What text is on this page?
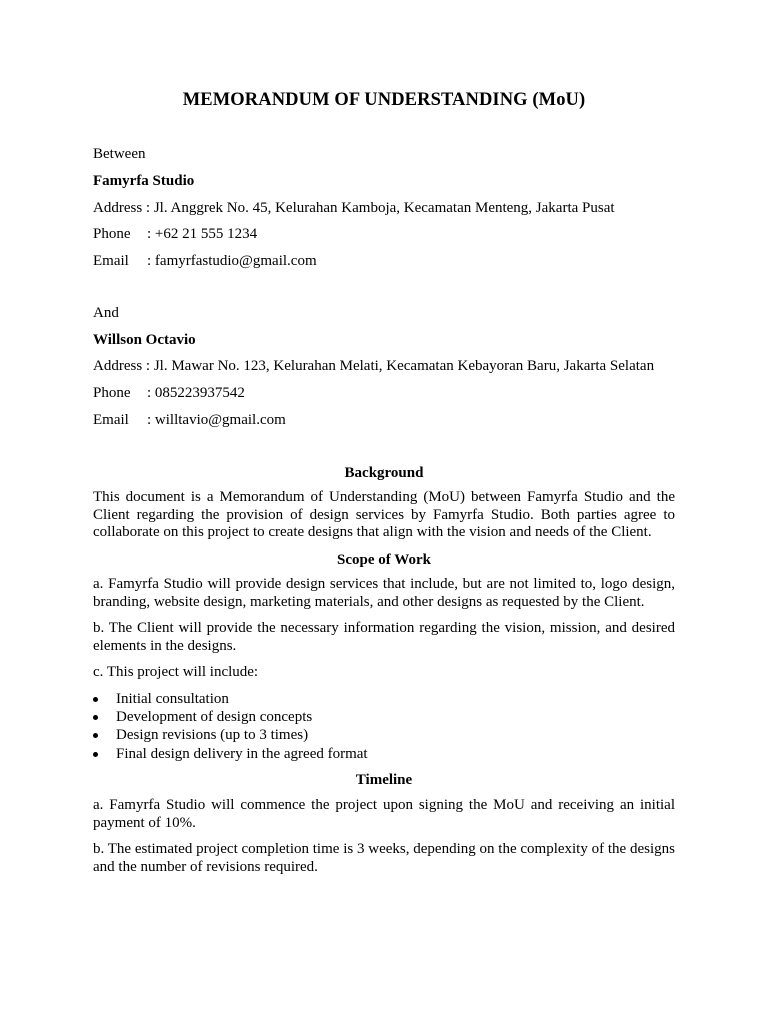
MEMORANDUM OF UNDERSTANDING (MoU)
Between
Famyrfa Studio
Address : Jl. Anggrek No. 45, Kelurahan Kamboja, Kecamatan Menteng, Jakarta Pusat
Phone : +62 21 555 1234
Email : famyrfastudio@gmail.com
And
Willson Octavio
Address : Jl. Mawar No. 123, Kelurahan Melati, Kecamatan Kebayoran Baru, Jakarta Selatan
Phone : 085223937542
Email : willtavio@gmail.com
Background
This document is a Memorandum of Understanding (MoU) between Famyrfa Studio and the Client regarding the provision of design services by Famyrfa Studio. Both parties agree to collaborate on this project to create designs that align with the vision and needs of the Client.
Scope of Work
a. Famyrfa Studio will provide design services that include, but are not limited to, logo design, branding, website design, marketing materials, and other designs as requested by the Client.
b. The Client will provide the necessary information regarding the vision, mission, and desired elements in the designs.
c. This project will include:
Initial consultation
Development of design concepts
Design revisions (up to 3 times)
Final design delivery in the agreed format
Timeline
a. Famyrfa Studio will commence the project upon signing the MoU and receiving an initial payment of 10%.
b. The estimated project completion time is 3 weeks, depending on the complexity of the designs and the number of revisions required.
